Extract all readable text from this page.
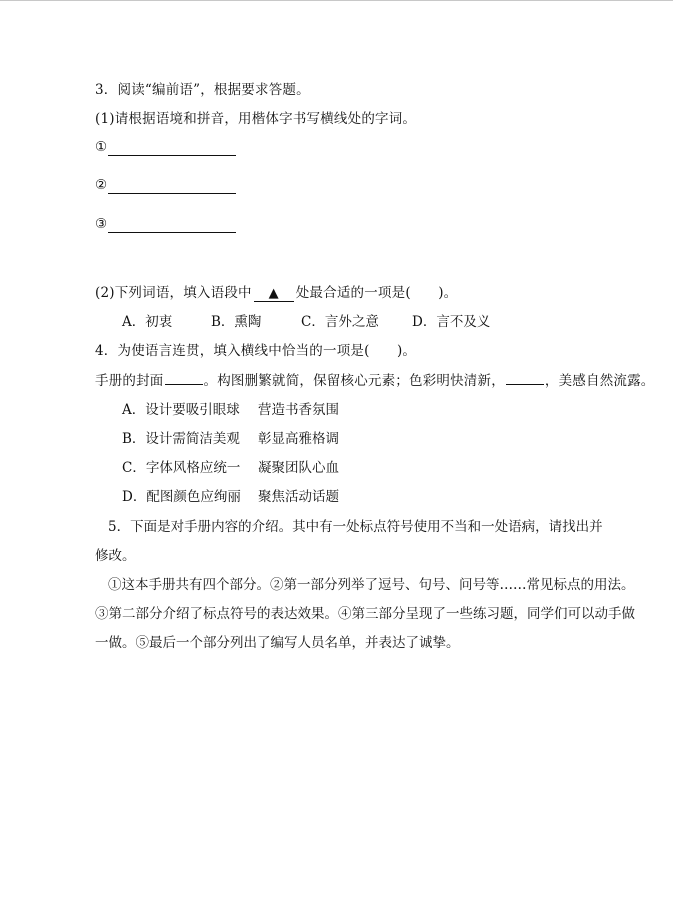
3．阅读“编前语”，根据要求答题。
(1)请根据语境和拼音，用楷体字书写横线处的字词。
①
②
③
(2)下列词语，填入语段中 ▲ 处最合适的一项是(　　)。
A．初衷	B．熏陶	C．言外之意 D．言不及义
4．为使语言连贯，填入横线中恰当的一项是(　　)。
手册的封面	。构图删繁就简，保留核心元素；色彩明快清新，	，美感自然流露。
A．设计要吸引眼球 营造书香氛围
B．设计需简洁美观 彰显高雅格调
C．字体风格应统一 凝聚团队心血
D．配图颜色应绚丽 聚焦活动话题
5．下面是对手册内容的介绍。其中有一处标点符号使用不当和一处语病，请找出并
修改。
①这本手册共有四个部分。②第一部分列举了逗号、句号、问号等……常见标点的用法。
③第二部分介绍了标点符号的表达效果。④第三部分呈现了一些练习题，同学们可以动手做
一做。⑤最后一个部分列出了编写人员名单，并表达了诚挚。
